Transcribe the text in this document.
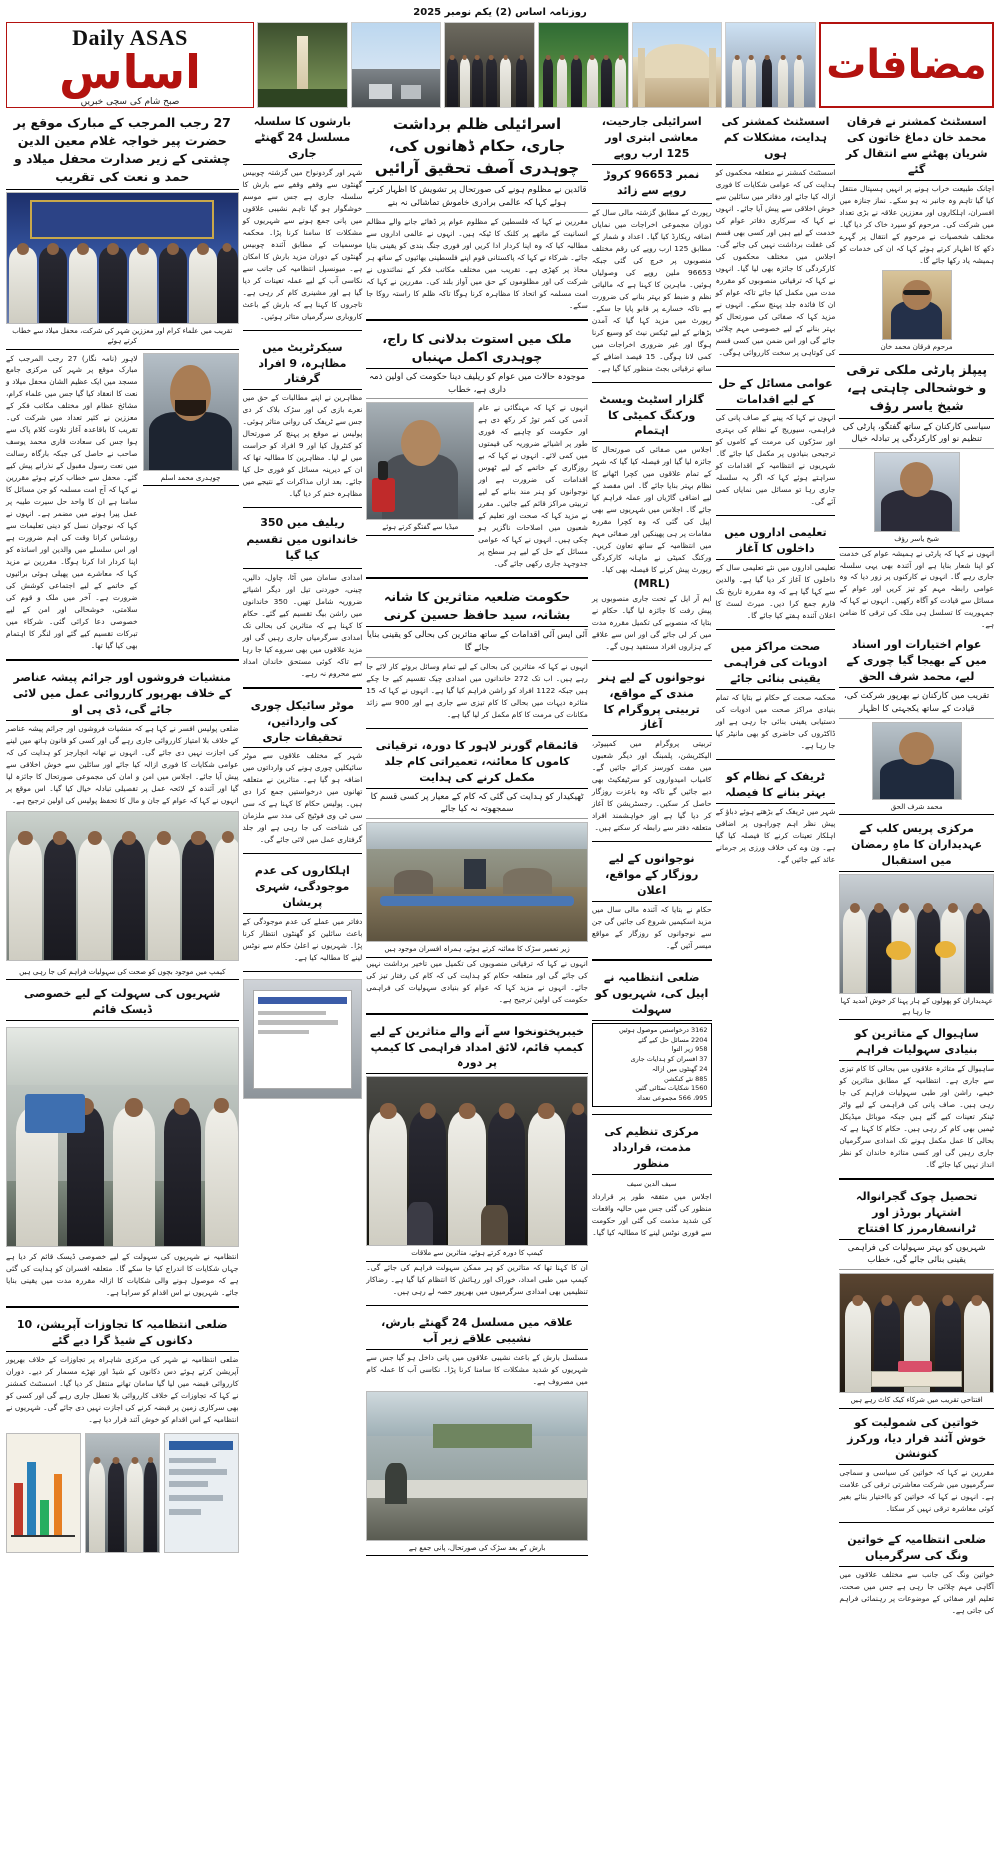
روزنامہ اساس (2) یکم نومبر 2025
Daily ASAS
اساس
صبح شام کی سچی خبریں
مضافات
اسسٹنٹ کمشنر نے فرقان محمد خان دماغ خاتون کی شریان پھٹنے سے انتقال کر گئے
اچانک طبیعت خراب ہونے پر انہیں ہسپتال منتقل کیا گیا تاہم وہ جانبر نہ ہو سکے۔ نماز جنازہ میں افسران، اہلکاروں اور معززین علاقہ نے بڑی تعداد میں شرکت کی۔ مرحوم کو سپرد خاک کر دیا گیا۔ مختلف شخصیات نے مرحوم کے انتقال پر گہرے دکھ کا اظہار کرتے ہوئے کہا کہ ان کی خدمات کو ہمیشہ یاد رکھا جائے گا۔
مرحوم فرقان محمد خان
پیپلز پارٹی ملکی ترقی و خوشحالی چاہتی ہے، شیخ یاسر رؤف
سیاسی کارکنان کے ساتھ گفتگو، پارٹی کی تنظیم نو اور کارکردگی پر تبادلہ خیال
شیخ یاسر رؤف
انہوں نے کہا کہ پارٹی نے ہمیشہ عوام کی خدمت کو اپنا شعار بنایا ہے اور آئندہ بھی یہی سلسلہ جاری رہے گا۔ انہوں نے کارکنوں پر زور دیا کہ وہ عوامی رابطہ مہم کو تیز کریں اور عوام کے مسائل سے قیادت کو آگاہ رکھیں۔ انہوں نے کہا کہ جمہوریت کا تسلسل ہی ملک کی ترقی کا ضامن ہے۔
عوام اختیارات اور اسناد میں کے بھیجا گیا چوری کے لیے، محمد شرف الحق
تقریب میں کارکنان نے بھرپور شرکت کی، قیادت کے ساتھ یکجہتی کا اظہار
محمد شرف الحق
مرکزی پریس کلب کے عہدیداران کا ماہِ رمضان میں استقبال
عہدیداران کو پھولوں کے ہار پہنا کر خوش آمدید کہا جا رہا ہے
ساہیوال کے متاثرین کو بنیادی سہولیات فراہم
ساہیوال کے متاثرہ علاقوں میں بحالی کا کام تیزی سے جاری ہے۔ انتظامیہ کے مطابق متاثرین کو خیمے، راشن اور طبی سہولیات فراہم کی جا رہی ہیں۔ صاف پانی کی فراہمی کے لیے واٹر ٹینکر تعینات کیے گئے ہیں جبکہ موبائل میڈیکل ٹیمیں بھی کام کر رہی ہیں۔ حکام کا کہنا ہے کہ بحالی کا عمل مکمل ہونے تک امدادی سرگرمیاں جاری رہیں گی اور کسی متاثرہ خاندان کو نظر انداز نہیں کیا جائے گا۔
تحصیل چوک گجرانوالہ اشتہار بورڈز اور ٹرانسفارمرز کا افتتاح
شہریوں کو بہتر سہولیات کی فراہمی یقینی بنائی جائے گی، خطاب
افتتاحی تقریب میں شرکاء کیک کاٹ رہے ہیں
خواتین کی شمولیت کو خوش آئند قرار دیا، ورکرز کنونشن
مقررین نے کہا کہ خواتین کی سیاسی و سماجی سرگرمیوں میں شرکت معاشرتی ترقی کی علامت ہے۔ انہوں نے کہا کہ خواتین کو بااختیار بنائے بغیر کوئی معاشرہ ترقی نہیں کر سکتا۔
ضلعی انتظامیہ کے خواتین ونگ کی سرگرمیاں
خواتین ونگ کی جانب سے مختلف علاقوں میں آگاہی مہم چلائی جا رہی ہے جس میں صحت، تعلیم اور صفائی کے موضوعات پر رہنمائی فراہم کی جاتی ہے۔
اسسٹنٹ کمشنر کی ہدایت، مشکلات کم ہوں
اسسٹنٹ کمشنر نے متعلقہ محکموں کو ہدایت کی کہ عوامی شکایات کا فوری ازالہ کیا جائے اور دفاتر میں سائلین سے خوش اخلاقی سے پیش آیا جائے۔ انہوں نے کہا کہ سرکاری دفاتر عوام کی خدمت کے لیے ہیں اور کسی بھی قسم کی غفلت برداشت نہیں کی جائے گی۔ اجلاس میں مختلف محکموں کی کارکردگی کا جائزہ بھی لیا گیا۔ انہوں نے کہا کہ ترقیاتی منصوبوں کو مقررہ مدت میں مکمل کیا جائے تاکہ عوام کو ان کا فائدہ جلد پہنچ سکے۔ انہوں نے مزید کہا کہ صفائی کی صورتحال کو بہتر بنانے کے لیے خصوصی مہم چلائی جائے گی اور اس ضمن میں کسی قسم کی کوتاہی پر سخت کارروائی ہوگی۔
عوامی مسائل کے حل کے لیے اقدامات
انہوں نے کہا کہ پینے کے صاف پانی کی فراہمی، سیوریج کے نظام کی بہتری اور سڑکوں کی مرمت کے کاموں کو ترجیحی بنیادوں پر مکمل کیا جائے گا۔ شہریوں نے انتظامیہ کے اقدامات کو سراہتے ہوئے کہا کہ اگر یہ سلسلہ جاری رہا تو مسائل میں نمایاں کمی آئے گی۔
تعلیمی اداروں میں داخلوں کا آغاز
تعلیمی اداروں میں نئے تعلیمی سال کے داخلوں کا آغاز کر دیا گیا ہے۔ والدین سے کہا گیا ہے کہ وہ مقررہ تاریخ تک فارم جمع کرا دیں۔ میرٹ لسٹ کا اعلان آئندہ ہفتے کیا جائے گا۔
صحت مراکز میں ادویات کی فراہمی یقینی بنائی جائے
محکمہ صحت کے حکام نے بتایا کہ تمام بنیادی مراکز صحت میں ادویات کی دستیابی یقینی بنائی جا رہی ہے اور ڈاکٹروں کی حاضری کو بھی مانیٹر کیا جا رہا ہے۔
ٹریفک کے نظام کو بہتر بنانے کا فیصلہ
شہر میں ٹریفک کے بڑھتے ہوئے دباؤ کے پیش نظر اہم چوراہوں پر اضافی اہلکار تعینات کرنے کا فیصلہ کیا گیا ہے۔ ون وے کی خلاف ورزی پر جرمانے عائد کیے جائیں گے۔
اسرائیلی جارحیت، معاشی ابتری اور 125 ارب روپے
نمبر 96653 کروڑ روپے سے زائد
رپورٹ کے مطابق گزشتہ مالی سال کے دوران مجموعی اخراجات میں نمایاں اضافہ ریکارڈ کیا گیا۔ اعداد و شمار کے مطابق 125 ارب روپے کی رقم مختلف منصوبوں پر خرچ کی گئی جبکہ 96653 ملین روپے کی وصولیاں ہوئیں۔ ماہرین کا کہنا ہے کہ مالیاتی نظم و ضبط کو بہتر بنانے کی ضرورت ہے تاکہ خسارے پر قابو پایا جا سکے۔ رپورٹ میں مزید کہا گیا کہ آمدن بڑھانے کے لیے ٹیکس نیٹ کو وسیع کرنا ہوگا اور غیر ضروری اخراجات میں کمی لانا ہوگی۔ 15 فیصد اضافے کے ساتھ ترقیاتی بجٹ منظور کیا گیا ہے۔
گلزار اسٹیٹ ویسٹ ورکنگ کمیٹی کا اہتمام
اجلاس میں صفائی کی صورتحال کا جائزہ لیا گیا اور فیصلہ کیا گیا کہ شہر کے تمام علاقوں میں کچرا اٹھانے کا نظام بہتر بنایا جائے گا۔ اس مقصد کے لیے اضافی گاڑیاں اور عملہ فراہم کیا جائے گا۔ اجلاس میں شہریوں سے بھی اپیل کی گئی کہ وہ کچرا مقررہ مقامات پر ہی پھینکیں اور صفائی مہم میں انتظامیہ کے ساتھ تعاون کریں۔ ورکنگ کمیٹی نے ماہانہ کارکردگی رپورٹ پیش کرنے کا فیصلہ بھی کیا۔
(MRL)
ایم آر ایل کے تحت جاری منصوبوں پر پیش رفت کا جائزہ لیا گیا۔ حکام نے بتایا کہ منصوبے کی تکمیل مقررہ مدت میں کر لی جائے گی اور اس سے علاقے کے ہزاروں افراد مستفید ہوں گے۔
نوجوانوں کے لیے ہنر مندی کے مواقع، تربیتی پروگرام کا آغاز
تربیتی پروگرام میں کمپیوٹر، الیکٹریشن، پلمبنگ اور دیگر شعبوں میں مفت کورسز کرائے جائیں گے۔ کامیاب امیدواروں کو سرٹیفکیٹ بھی دیے جائیں گے تاکہ وہ باعزت روزگار حاصل کر سکیں۔ رجسٹریشن کا آغاز کر دیا گیا ہے اور خواہشمند افراد متعلقہ دفتر سے رابطہ کر سکتے ہیں۔
نوجوانوں کے لیے روزگار کے مواقع، اعلان
حکام نے بتایا کہ آئندہ مالی سال میں مزید اسکیمیں شروع کی جائیں گی جن سے نوجوانوں کو روزگار کے مواقع میسر آئیں گے۔
ضلعی انتظامیہ نے اپیل کی، شہریوں کو سہولت
3162 درخواستیں موصول ہوئیں
2204 مسائل حل کیے گئے
958 زیر التوا
37 افسران کو ہدایات جاری
24 گھنٹوں میں ازالہ
885 نئے کنکشن
1560 شکایات نمٹائی گئیں
995، 566 مجموعی تعداد
مرکزی تنظیم کی مذمت، قرارداد منظور
سیف الدین سیف
اجلاس میں متفقہ طور پر قرارداد منظور کی گئی جس میں حالیہ واقعات کی شدید مذمت کی گئی اور حکومت سے فوری نوٹس لینے کا مطالبہ کیا گیا۔
اسرائیلی ظلم برداشت جاری، حکام ڈھانوں کی، چوہدری آصف تحقیق آرائیں
قائدین نے مظلوم ہونے کی صورتحال پر تشویش کا اظہار کرتے ہوئے کہا کہ عالمی برادری خاموش تماشائی نہ بنے
مقررین نے کہا کہ فلسطین کے مظلوم عوام پر ڈھائے جانے والے مظالم انسانیت کے ماتھے پر کلنک کا ٹیکہ ہیں۔ انہوں نے عالمی اداروں سے مطالبہ کیا کہ وہ اپنا کردار ادا کریں اور فوری جنگ بندی کو یقینی بنایا جائے۔ شرکاء نے کہا کہ پاکستانی قوم اپنے فلسطینی بھائیوں کے ساتھ ہر محاذ پر کھڑی ہے۔ تقریب میں مختلف مکاتب فکر کے نمائندوں نے شرکت کی اور مظلوموں کے حق میں آواز بلند کی۔ مقررین نے کہا کہ امت مسلمہ کو اتحاد کا مظاہرہ کرنا ہوگا تاکہ ظلم کا راستہ روکا جا سکے۔
ملک میں استوت بدلانی کا راج، چوہدری اکمل مہنباں
موجودہ حالات میں عوام کو ریلیف دینا حکومت کی اولین ذمہ داری ہے، خطاب
انہوں نے کہا کہ مہنگائی نے عام آدمی کی کمر توڑ کر رکھ دی ہے اور حکومت کو چاہیے کہ فوری طور پر اشیائے ضروریہ کی قیمتوں میں کمی لائے۔ انہوں نے کہا کہ بے روزگاری کے خاتمے کے لیے ٹھوس اقدامات کی ضرورت ہے اور نوجوانوں کو ہنر مند بنانے کے لیے تربیتی مراکز قائم کیے جائیں۔ مقرر نے مزید کہا کہ صحت اور تعلیم کے شعبوں میں اصلاحات ناگزیر ہو چکی ہیں۔ انہوں نے کہا کہ عوامی مسائل کے حل کے لیے ہر سطح پر جدوجہد جاری رکھی جائے گی۔
میڈیا سے گفتگو کرتے ہوئے
حکومت ضلعیہ متاثرین کا شانہ بشانہ، سید حافظ حسین کرنی
آئی ایس آئی اقدامات کے ساتھ متاثرین کی بحالی کو یقینی بنایا جائے گا
انہوں نے کہا کہ متاثرین کی بحالی کے لیے تمام وسائل بروئے کار لائے جا رہے ہیں۔ اب تک 272 خاندانوں میں امدادی چیک تقسیم کیے جا چکے ہیں جبکہ 1122 افراد کو راشن فراہم کیا گیا ہے۔ انہوں نے کہا کہ 15 متاثرہ دیہات میں بحالی کا کام تیزی سے جاری ہے اور 900 سے زائد مکانات کی مرمت کا کام مکمل کر لیا گیا ہے۔
قائمقام گورنر لاہور کا دورہ، ترقیاتی کاموں کا معائنہ، تعمیراتی کام جلد مکمل کرنے کی ہدایت
ٹھیکیدار کو ہدایت کی گئی کہ کام کے معیار پر کسی قسم کا سمجھوتہ نہ کیا جائے
زیر تعمیر سڑک کا معائنہ کرتے ہوئے، ہمراہ افسران موجود ہیں
انہوں نے کہا کہ ترقیاتی منصوبوں کی تکمیل میں تاخیر برداشت نہیں کی جائے گی اور متعلقہ حکام کو ہدایت کی کہ کام کی رفتار تیز کی جائے۔ انہوں نے مزید کہا کہ عوام کو بنیادی سہولیات کی فراہمی حکومت کی اولین ترجیح ہے۔
خیبرپختونخوا سے آنے والے متاثرین کے لیے کیمپ قائم، لائق امداد فراہمی کا کیمپ پر دورہ
کیمپ کا دورہ کرتے ہوئے، متاثرین سے ملاقات
ان کا کہنا تھا کہ متاثرین کو ہر ممکن سہولت فراہم کی جائے گی۔ کیمپ میں طبی امداد، خوراک اور رہائش کا انتظام کیا گیا ہے۔ رضاکار تنظیمیں بھی امدادی سرگرمیوں میں بھرپور حصہ لے رہی ہیں۔
علاقہ میں مسلسل 24 گھنٹے بارش، نشیبی علاقے زیر آب
مسلسل بارش کے باعث نشیبی علاقوں میں پانی داخل ہو گیا جس سے شہریوں کو شدید مشکلات کا سامنا کرنا پڑا۔ نکاسی آب کا عملہ کام میں مصروف ہے۔
بارش کے بعد سڑک کی صورتحال، پانی جمع ہے
بارشوں کا سلسلہ مسلسل 24 گھنٹے جاری
شہر اور گردونواح میں گزشتہ چوبیس گھنٹوں سے وقفے وقفے سے بارش کا سلسلہ جاری ہے جس سے موسم خوشگوار ہو گیا تاہم نشیبی علاقوں میں پانی جمع ہونے سے شہریوں کو مشکلات کا سامنا کرنا پڑا۔ محکمہ موسمیات کے مطابق آئندہ چوبیس گھنٹوں کے دوران مزید بارش کا امکان ہے۔ میونسپل انتظامیہ کی جانب سے نکاسی آب کے لیے عملہ تعینات کر دیا گیا ہے اور مشینری کام کر رہی ہے۔ تاجروں کا کہنا ہے کہ بارش کے باعث کاروباری سرگرمیاں متاثر ہوئیں۔
سیکرٹریٹ میں مظاہرہ، 9 افراد گرفتار
مظاہرین نے اپنے مطالبات کے حق میں نعرے بازی کی اور سڑک بلاک کر دی جس سے ٹریفک کی روانی متاثر ہوئی۔ پولیس نے موقع پر پہنچ کر صورتحال کو کنٹرول کیا اور 9 افراد کو حراست میں لے لیا۔ مظاہرین کا مطالبہ تھا کہ ان کے دیرینہ مسائل کو فوری حل کیا جائے۔ بعد ازاں مذاکرات کے نتیجے میں مظاہرہ ختم کر دیا گیا۔
ریلیف میں 350 خاندانوں میں تقسیم کیا گیا
امدادی سامان میں آٹا، چاول، دالیں، چینی، خوردنی تیل اور دیگر اشیائے ضروریہ شامل تھیں۔ 350 خاندانوں میں راشن بیگ تقسیم کیے گئے۔ حکام کا کہنا ہے کہ متاثرین کی بحالی تک امدادی سرگرمیاں جاری رہیں گی اور مزید علاقوں میں بھی سروے کیا جا رہا ہے تاکہ کوئی مستحق خاندان امداد سے محروم نہ رہے۔
موٹر سائیکل چوری کی وارداتیں، تحقیقات جاری
شہر کے مختلف علاقوں سے موٹر سائیکلیں چوری ہونے کی وارداتوں میں اضافہ ہو گیا ہے۔ متاثرین نے متعلقہ تھانوں میں درخواستیں جمع کرا دی ہیں۔ پولیس حکام کا کہنا ہے کہ سی سی ٹی وی فوٹیج کی مدد سے ملزمان کی شناخت کی جا رہی ہے اور جلد گرفتاری عمل میں لائی جائے گی۔
اہلکاروں کی عدم موجودگی، شہری پریشان
دفاتر میں عملے کی عدم موجودگی کے باعث سائلین کو گھنٹوں انتظار کرنا پڑا۔ شہریوں نے اعلیٰ حکام سے نوٹس لینے کا مطالبہ کیا ہے۔
27 رجب المرجب کے مبارک موقع پر حضرت پیر خواجہ غلام معین الدین چشتی کے زیر صدارت محفل میلاد و حمد و نعت کی تقریب
تقریب میں علماء کرام اور معززین شہر کی شرکت، محفل میلاد سے خطاب کرتے ہوئے
چوہدری محمد اسلم
لاہور (نامہ نگار) 27 رجب المرجب کے مبارک موقع پر شہر کی مرکزی جامع مسجد میں ایک عظیم الشان محفل میلاد و نعت کا انعقاد کیا گیا جس میں علماء کرام، مشائخ عظام اور مختلف مکاتب فکر کے معززین نے کثیر تعداد میں شرکت کی۔ تقریب کا باقاعدہ آغاز تلاوت کلام پاک سے ہوا جس کی سعادت قاری محمد یوسف صاحب نے حاصل کی جبکہ بارگاہ رسالت میں نعت رسول مقبول کے نذرانے پیش کیے گئے۔ محفل سے خطاب کرتے ہوئے مقررین نے کہا کہ آج امت مسلمہ کو جن مسائل کا سامنا ہے ان کا واحد حل سیرت طیبہ پر عمل پیرا ہونے میں مضمر ہے۔ انہوں نے کہا کہ نوجوان نسل کو دینی تعلیمات سے روشناس کرانا وقت کی اہم ضرورت ہے اور اس سلسلے میں والدین اور اساتذہ کو اپنا کردار ادا کرنا ہوگا۔ مقررین نے مزید کہا کہ معاشرے میں پھیلی ہوئی برائیوں کے خاتمے کے لیے اجتماعی کوشش کی ضرورت ہے۔ آخر میں ملک و قوم کی سلامتی، خوشحالی اور امن کے لیے خصوصی دعا کرائی گئی۔ شرکاء میں تبرکات تقسیم کیے گئے اور لنگر کا اہتمام بھی کیا گیا تھا۔
منشیات فروشوں اور جرائم پیشہ عناصر کے خلاف بھرپور کارروائی عمل میں لائی جائے گی، ڈی پی او
ضلعی پولیس افسر نے کہا ہے کہ منشیات فروشوں اور جرائم پیشہ عناصر کے خلاف بلا امتیاز کارروائی جاری رہے گی اور کسی کو قانون ہاتھ میں لینے کی اجازت نہیں دی جائے گی۔ انہوں نے تھانہ انچارجز کو ہدایت کی کہ عوامی شکایات کا فوری ازالہ کیا جائے اور سائلین سے خوش اخلاقی سے پیش آیا جائے۔ اجلاس میں امن و امان کی مجموعی صورتحال کا جائزہ لیا گیا اور آئندہ کے لائحہ عمل پر تفصیلی تبادلہ خیال کیا گیا۔ اس موقع پر انہوں نے کہا کہ عوام کے جان و مال کا تحفظ پولیس کی اولین ترجیح ہے۔
کیمپ میں موجود بچوں کو صحت کی سہولیات فراہم کی جا رہی ہیں
شہریوں کی سہولت کے لیے خصوصی ڈیسک قائم
انتظامیہ نے شہریوں کی سہولت کے لیے خصوصی ڈیسک قائم کر دیا ہے جہاں شکایات کا اندراج کیا جا سکے گا۔ متعلقہ افسران کو ہدایت کی گئی ہے کہ موصول ہونے والی شکایات کا ازالہ مقررہ مدت میں یقینی بنایا جائے۔ شہریوں نے اس اقدام کو سراہا ہے۔
ضلعی انتظامیہ کا تجاوزات آپریشن، 10 دکانوں کے شیڈ گرا دیے گئے
ضلعی انتظامیہ نے شہر کی مرکزی شاہراہ پر تجاوزات کے خلاف بھرپور آپریشن کرتے ہوئے دس دکانوں کے شیڈ اور تھڑے مسمار کر دیے۔ دوران کارروائی قبضہ میں لیا گیا سامان تھانے منتقل کر دیا گیا۔ اسسٹنٹ کمشنر نے کہا کہ تجاوزات کے خلاف کارروائی بلا تعطل جاری رہے گی اور کسی کو بھی سرکاری زمین پر قبضہ کرنے کی اجازت نہیں دی جائے گی۔ شہریوں نے انتظامیہ کے اس اقدام کو خوش آئند قرار دیا ہے۔
